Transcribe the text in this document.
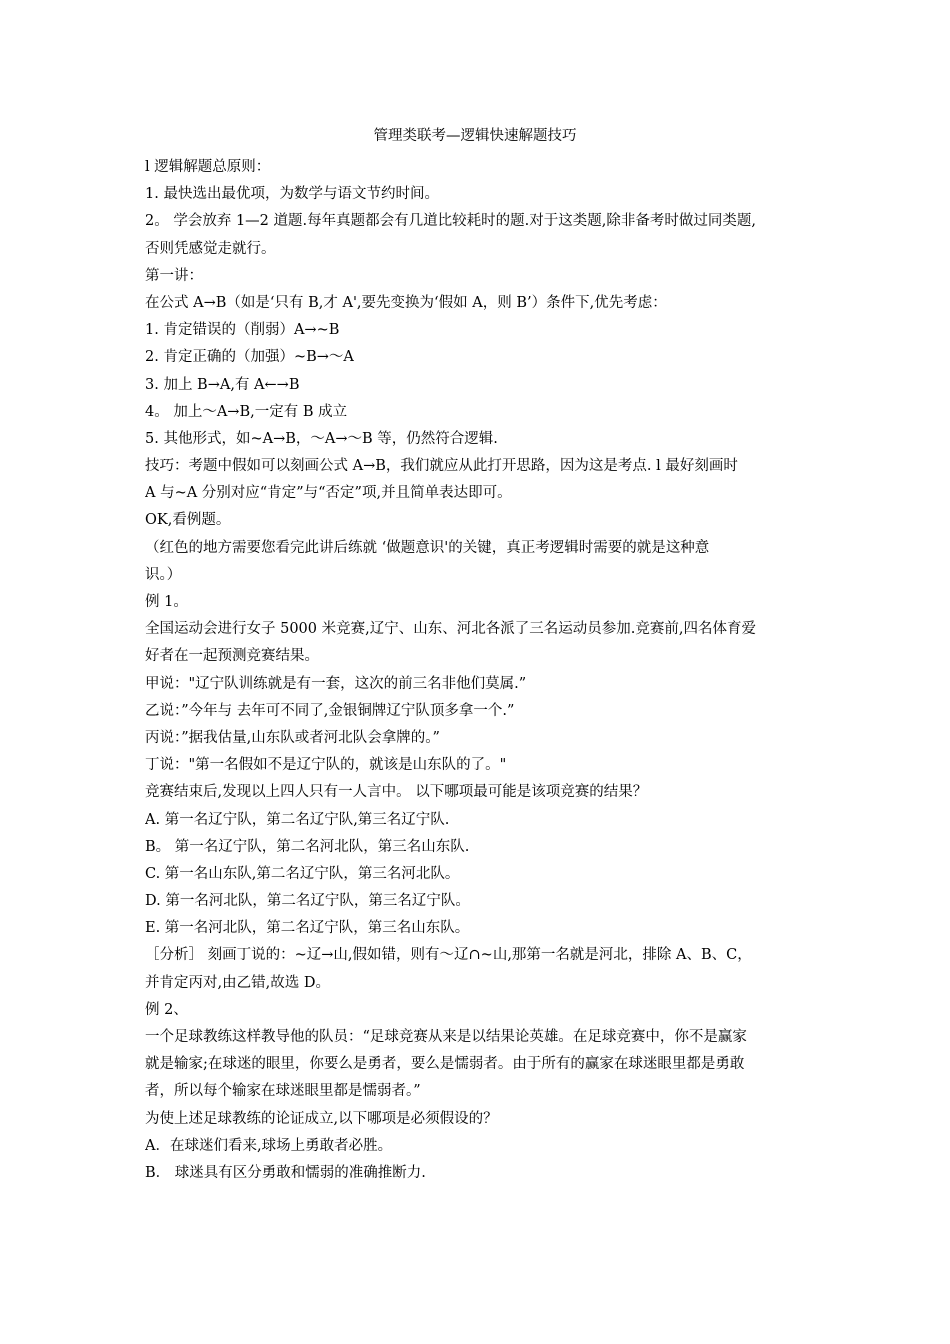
管理类联考—逻辑快速解题技巧
l 逻辑解题总原则：
1. 最快选出最优项，为数学与语文节约时间。
2。 学会放弃 1—2 道题.每年真题都会有几道比较耗时的题.对于这类题,除非备考时做过同类题,
否则凭感觉走就行。
第一讲：
在公式 A→B（如是‘只有 B,才 A',要先变换为‘假如 A，则 B’）条件下,优先考虑：
1. 肯定错误的（削弱）A→~B
2. 肯定正确的（加强）~B→～A
3. 加上 B→A,有 A←→B
4。 加上～A→B,一定有 B 成立
5. 其他形式，如~A→B，～A→～B 等，仍然符合逻辑.
技巧：考题中假如可以刻画公式 A→B，我们就应从此打开思路，因为这是考点. l 最好刻画时
A 与~A 分别对应“肯定”与“否定”项,并且简单表达即可。
OK,看例题。
（红色的地方需要您看完此讲后练就 ‘做题意识'的关键，真正考逻辑时需要的就是这种意
识。）
例 1。
全国运动会进行女子 5000 米竞赛,辽宁、山东、河北各派了三名运动员参加.竞赛前,四名体育爱
好者在一起预测竞赛结果。
甲说："辽宁队训练就是有一套，这次的前三名非他们莫属.”
乙说：”今年与 去年可不同了,金银铜牌辽宁队顶多拿一个.”
丙说：”据我估量,山东队或者河北队会拿牌的。”
丁说："第一名假如不是辽宁队的，就该是山东队的了。"
竞赛结束后,发现以上四人只有一人言中。 以下哪项最可能是该项竞赛的结果？
A. 第一名辽宁队，第二名辽宁队,第三名辽宁队.
B。 第一名辽宁队，第二名河北队，第三名山东队.
C. 第一名山东队,第二名辽宁队，第三名河北队。
D. 第一名河北队，第二名辽宁队，第三名辽宁队。
E. 第一名河北队，第二名辽宁队，第三名山东队。
［分析］ 刻画丁说的：~辽→山,假如错，则有～辽∩~山,那第一名就是河北，排除 A、B、C，
并肯定丙对,由乙错,故选 D。
例 2、
一个足球教练这样教导他的队员：“足球竞赛从来是以结果论英雄。在足球竞赛中，你不是赢家
就是输家;在球迷的眼里，你要么是勇者，要么是懦弱者。由于所有的赢家在球迷眼里都是勇敢
者，所以每个输家在球迷眼里都是懦弱者。”
为使上述足球教练的论证成立,以下哪项是必须假设的？
A．在球迷们看来,球场上勇敢者必胜。
B． 球迷具有区分勇敢和懦弱的准确推断力.
